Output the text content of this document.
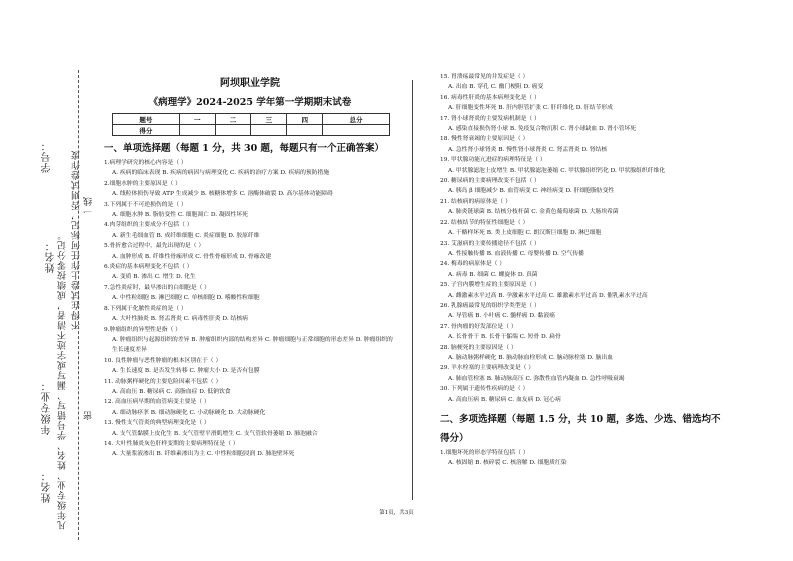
学号： 不得在试卷上作任何标记，否则试卷作废 一线
姓名： 凡年级专业、姓名、学号错写、漏写或字迹不清者，成绩按零分记。
年级专业：	密
姓名：
阿坝职业学院
《病理学》2024-2025 学年第一学期期末试卷
题号	一	二	三	四	总分
得分					
一、单项选择题（每题 1 分，共 30 题，每题只有一个正确答案）
1.病理学研究的核心内容是（ ）
A. 疾病的临床表现 B. 疾病的病因与病理变化 C. 疾病的治疗方案 D. 疾病的预防措施
2.细胞水肿的主要原因是（ ）
A. 线粒体损伤导致 ATP 生成减少 B. 核糖体增多 C. 溶酶体破裂 D. 高尔基体功能障碍
3.下列属于不可逆损伤的是（ ）
A. 细胞水肿 B. 脂肪变性 C. 细胞凋亡 D. 凝固性坏死
4.肉芽组织的主要成分不包括（ ）
A. 新生毛细血管 B. 成纤维细胞 C. 炎症细胞 D. 胶原纤维
5.骨折愈合过程中，最先出现的是（ ）
A. 血肿形成 B. 纤维性骨痂形成 C. 骨性骨痂形成 D. 骨痂改建
6.炎症的基本病理变化不包括（ ）
A. 变质 B. 渗出 C. 增生 D. 化生
7.急性炎症时，最早渗出的白细胞是（ ）
A. 中性粒细胞 B. 淋巴细胞 C. 单核细胞 D. 嗜酸性粒细胞
8.下列属于化脓性炎症的是（ ）
A. 大叶性肺炎 B. 肾盂肾炎 C. 病毒性肝炎 D. 结核病
9.肿瘤组织的异型性是指（ ）
A. 肿瘤组织与起源组织的差异 B. 肿瘤组织内部的结构差异 C. 肿瘤细胞与正常细胞的形态差异 D. 肿瘤组织的生长速度差异
10. 良性肿瘤与恶性肿瘤的根本区别在于（ ）
A. 生长速度 B. 是否发生转移 C. 肿瘤大小 D. 是否有包膜
11. 动脉粥样硬化的主要危险因素不包括（ ）
A. 高血压 B. 糖尿病 C. 高脂血症 D. 低钠饮食
12. 高血压病早期的血管病变主要是（ ）
A. 细动脉痉挛 B. 细动脉硬化 C. 小动脉硬化 D. 大动脉硬化
13. 慢性支气管炎的典型病理变化是（ ）
A. 支气管黏膜上皮化生 B. 支气管壁平滑肌增生 C. 支气管软骨萎缩 D. 肺泡融合
14. 大叶性肺炎灰色肝样变期的主要病理特征是（ ）
A. 大量浆液渗出 B. 纤维素渗出为主 C. 中性粒细胞浸润 D. 肺泡壁坏死
15. 胃溃疡最常见的并发症是（ ）
A. 出血 B. 穿孔 C. 幽门梗阻 D. 癌变
16. 病毒性肝炎的基本病理变化是（ ）
A. 肝细胞变性坏死 B. 肝内胆管扩张 C. 肝纤维化 D. 肝结节形成
17. 肾小球肾炎的主要发病机制是（ ）
A. 感染直接损伤肾小球 B. 免疫复合物沉积 C. 肾小球缺血 D. 肾小管坏死
18. 慢性肾衰竭的主要原因是（ ）
A. 急性肾小球肾炎 B. 慢性肾小球肾炎 C. 肾盂肾炎 D. 肾结核
19. 甲状腺功能亢进症的病理特征是（ ）
A. 甲状腺滤泡上皮增生 B. 甲状腺滤泡萎缩 C. 甲状腺组织钙化 D. 甲状腺组织纤维化
20. 糖尿病的主要病理改变不包括（ ）
A. 胰岛 β 细胞减少 B. 血管病变 C. 神经病变 D. 肝细胞脂肪变性
21. 结核病的病原体是（ ）
A. 肺炎链球菌 B. 结核分枝杆菌 C. 金黄色葡萄球菌 D. 大肠埃希菌
22. 结核结节的特征性细胞是（ ）
A. 干酪样坏死 B. 类上皮细胞 C. 朗汉斯巨细胞 D. 淋巴细胞
23. 艾滋病的主要传播途径不包括（ ）
A. 性接触传播 B. 血液传播 C. 母婴传播 D. 空气传播
24. 梅毒的病原体是（ ）
A. 病毒 B. 细菌 C. 螺旋体 D. 真菌
25. 子宫内膜增生症的主要原因是（ ）
A. 雌激素水平过高 B. 孕激素水平过高 C. 雄激素水平过高 D. 催乳素水平过高
26. 乳腺癌最常见的组织学类型是（ ）
A. 导管癌 B. 小叶癌 C. 髓样癌 D. 黏液癌
27. 骨肉瘤的好发部位是（ ）
A. 长骨骨干 B. 长骨干骺端 C. 短骨 D. 扁骨
28. 脑梗死的主要原因是（ ）
A. 脑动脉粥样硬化 B. 脑动脉血栓形成 C. 脑动脉栓塞 D. 脑出血
29. 羊水栓塞的主要病理改变是（ ）
A. 肺血管栓塞 B. 肺动脉高压 C. 弥散性血管内凝血 D. 急性呼吸衰竭
30. 下列属于遗传性疾病的是（ ）
A. 高血压病 B. 糖尿病 C. 血友病 D. 冠心病
二、多项选择题（每题 1.5 分，共 10 题，多选、少选、错选均不
得分）
1.细胞坏死的形态学特征包括（ ）
A. 核固缩 B. 核碎裂 C. 核溶解 D. 细胞质红染
第1页，共3页
